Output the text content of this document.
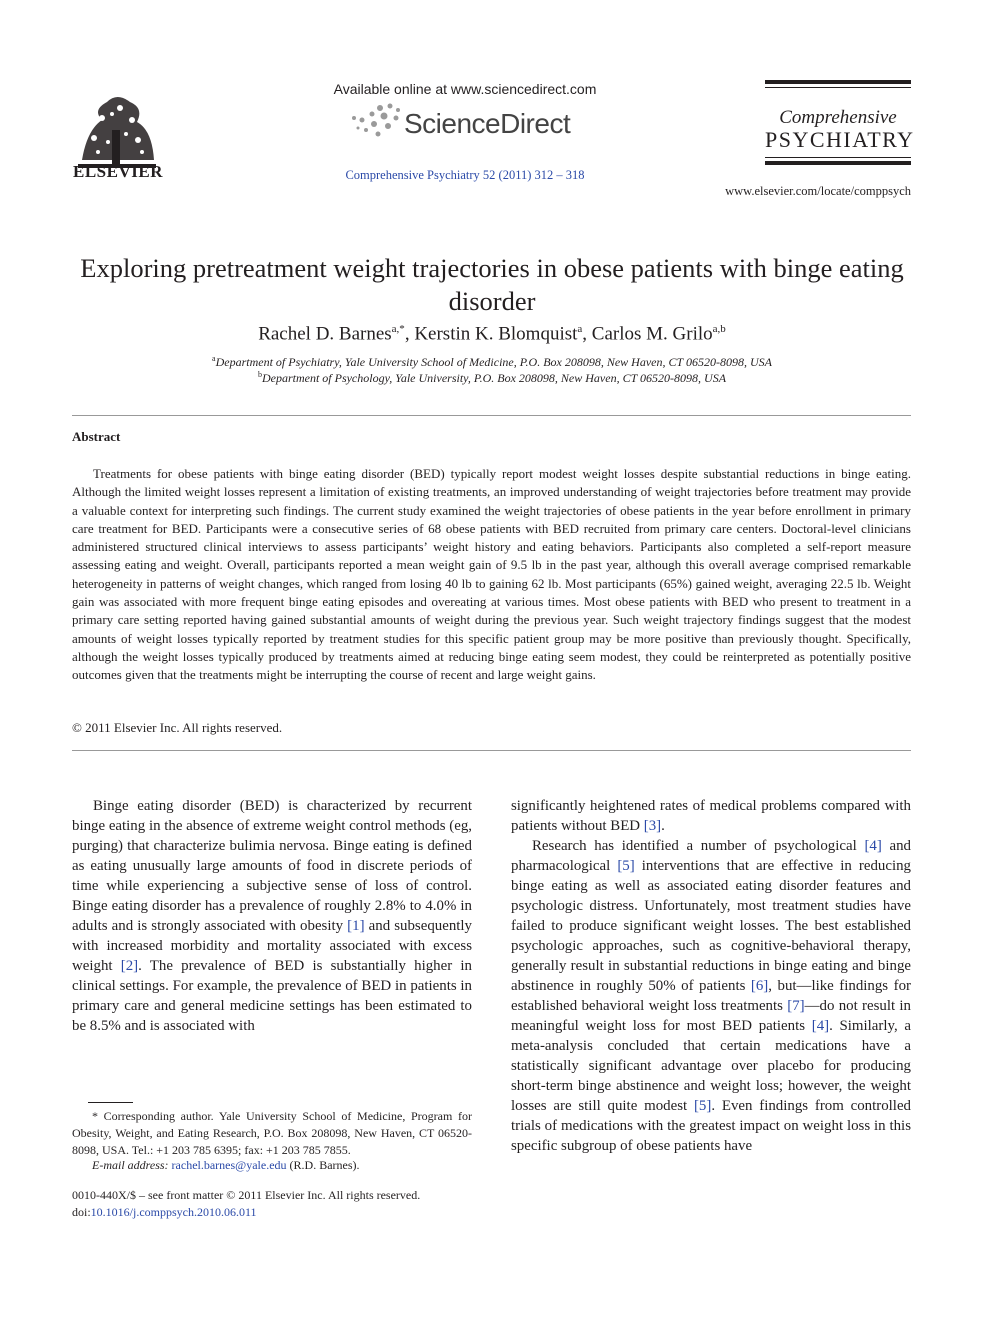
ELSEVIER
Available online at www.sciencedirect.com
ScienceDirect
Comprehensive Psychiatry 52 (2011) 312 – 318
Comprehensive
PSYCHIATRY
www.elsevier.com/locate/comppsych
Exploring pretreatment weight trajectories in obese patients with binge eating disorder
Rachel D. Barnes$^{a,*}$, Kerstin K. Blomquist$^a$, Carlos M. Grilo$^{a,b}$
$^a$Department of Psychiatry, Yale University School of Medicine, P.O. Box 208098, New Haven, CT 06520-8098, USA
$^b$Department of Psychology, Yale University, P.O. Box 208098, New Haven, CT 06520-8098, USA
Abstract

Treatments for obese patients with binge eating disorder (BED) typically report modest weight losses despite substantial reductions in binge eating. Although the limited weight losses represent a limitation of existing treatments, an improved understanding of weight trajectories before treatment may provide a valuable context for interpreting such findings. The current study examined the weight trajectories of obese patients in the year before enrollment in primary care treatment for BED. Participants were a consecutive series of 68 obese patients with BED recruited from primary care centers. Doctoral-level clinicians administered structured clinical interviews to assess participants’ weight history and eating behaviors. Participants also completed a self-report measure assessing eating and weight. Overall, participants reported a mean weight gain of 9.5 lb in the past year, although this overall average comprised remarkable heterogeneity in patterns of weight changes, which ranged from losing 40 lb to gaining 62 lb. Most participants (65%) gained weight, averaging 22.5 lb. Weight gain was associated with more frequent binge eating episodes and overeating at various times. Most obese patients with BED who present to treatment in a primary care setting reported having gained substantial amounts of weight during the previous year. Such weight trajectory findings suggest that the modest amounts of weight losses typically reported by treatment studies for this specific patient group may be more positive than previously thought. Specifically, although the weight losses typically produced by treatments aimed at reducing binge eating seem modest, they could be reinterpreted as potentially positive outcomes given that the treatments might be interrupting the course of recent and large weight gains.

© 2011 Elsevier Inc. All rights reserved.

Binge eating disorder (BED) is characterized by recurrent binge eating in the absence of extreme weight control methods (eg, purging) that characterize bulimia nervosa. Binge eating is defined as eating unusually large amounts of food in discrete periods of time while experiencing a subjective sense of loss of control. Binge eating disorder has a prevalence of roughly 2.8% to 4.0% in adults and is strongly associated with obesity [1] and subsequently with increased morbidity and mortality associated with excess weight [2]. The prevalence of BED is substantially higher in clinical settings. For example, the prevalence of BED in patients in primary care and general medicine settings has been estimated to be 8.5% and is associated with

significantly heightened rates of medical problems compared with patients without BED [3].

Research has identified a number of psychological [4] and pharmacological [5] interventions that are effective in reducing binge eating as well as associated eating disorder features and psychologic distress. Unfortunately, most treatment studies have failed to produce significant weight losses. The best established psychologic approaches, such as cognitive-behavioral therapy, generally result in substantial reductions in binge eating and binge abstinence in roughly 50% of patients [6], but—like findings for established behavioral weight loss treatments [7]—do not result in meaningful weight loss for most BED patients [4]. Similarly, a meta-analysis concluded that certain medications have a statistically significant advantage over placebo for producing short-term binge abstinence and weight loss; however, the weight losses are still quite modest [5]. Even findings from controlled trials of medications with the greatest impact on weight loss in this specific subgroup of obese patients have

* Corresponding author. Yale University School of Medicine, Program for Obesity, Weight, and Eating Research, P.O. Box 208098, New Haven, CT 06520-8098, USA. Tel.: +1 203 785 6395; fax: +1 203 785 7855.

E-mail address: rachel.barnes@yale.edu (R.D. Barnes).
0010-440X/$ – see front matter © 2011 Elsevier Inc. All rights reserved.
doi:10.1016/j.comppsych.2010.06.011
